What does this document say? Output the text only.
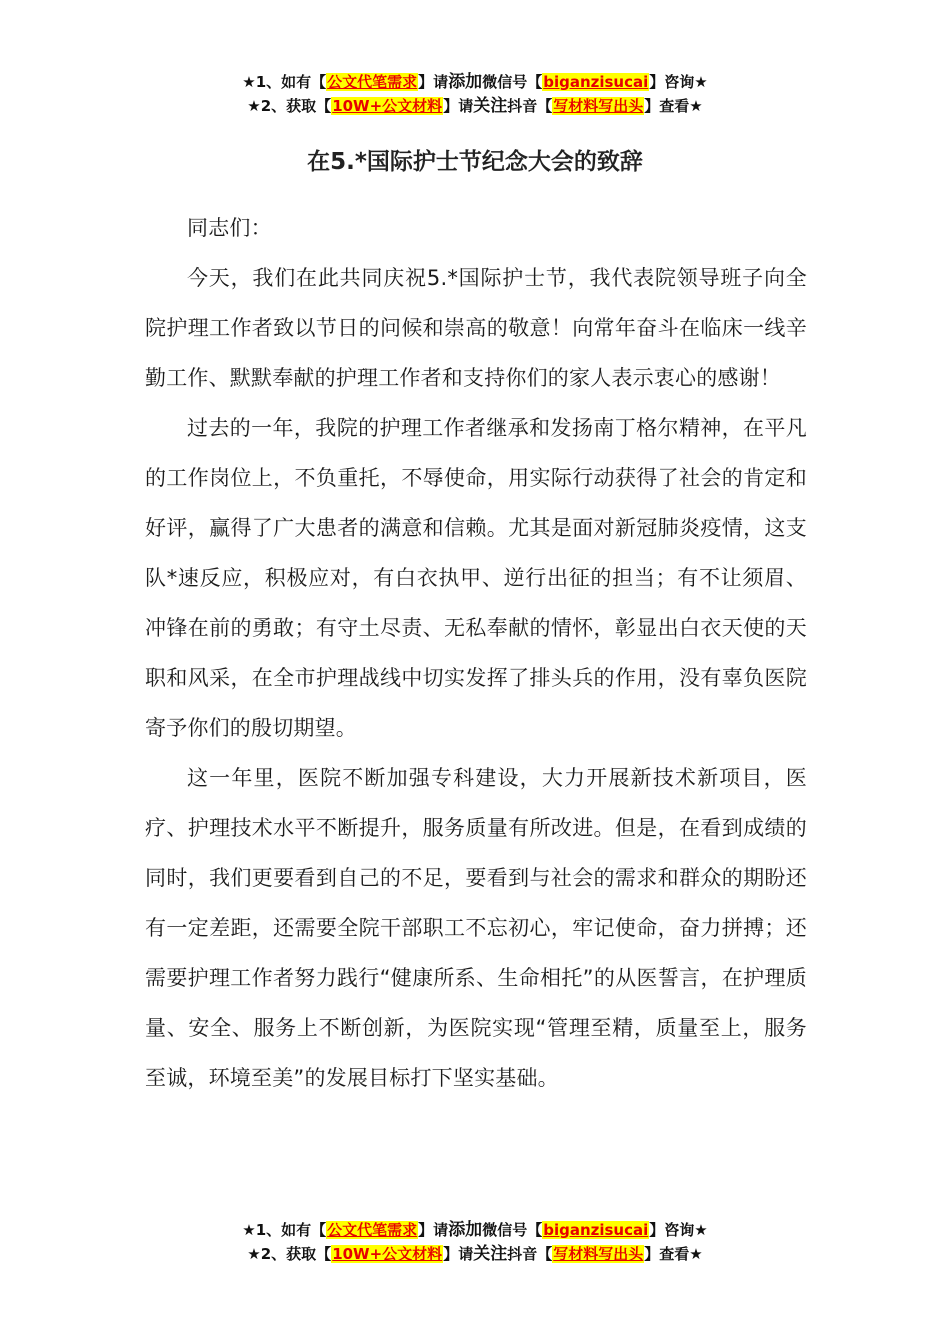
★1、如有【公文代笔需求】请添加微信号【biganzisucai】咨询★
★2、获取【10W+公文材料】请关注抖音【写材料写出头】查看★
在5.*国际护士节纪念大会的致辞

同志们：

今天，我们在此共同庆祝5.*国际护士节，我代表院领导班子向全院护理工作者致以节日的问候和崇高的敬意！向常年奋斗在临床一线辛勤工作、默默奉献的护理工作者和支持你们的家人表示衷心的感谢！

过去的一年，我院的护理工作者继承和发扬南丁格尔精神，在平凡的工作岗位上，不负重托，不辱使命，用实际行动获得了社会的肯定和好评，赢得了广大患者的满意和信赖。尤其是面对新冠肺炎疫情，这支队*速反应，积极应对，有白衣执甲、逆行出征的担当；有不让须眉、冲锋在前的勇敢；有守土尽责、无私奉献的情怀，彰显出白衣天使的天职和风采，在全市护理战线中切实发挥了排头兵的作用，没有辜负医院寄予你们的殷切期望。

这一年里，医院不断加强专科建设，大力开展新技术新项目，医疗、护理技术水平不断提升，服务质量有所改进。但是，在看到成绩的同时，我们更要看到自己的不足，要看到与社会的需求和群众的期盼还有一定差距，还需要全院干部职工不忘初心，牢记使命，奋力拼搏；还需要护理工作者努力践行“健康所系、生命相托”的从医誓言，在护理质量、安全、服务上不断创新，为医院实现“管理至精，质量至上，服务至诚，环境至美”的发展目标打下坚实基础。

★1、如有【公文代笔需求】请添加微信号【biganzisucai】咨询★
★2、获取【10W+公文材料】请关注抖音【写材料写出头】查看★
